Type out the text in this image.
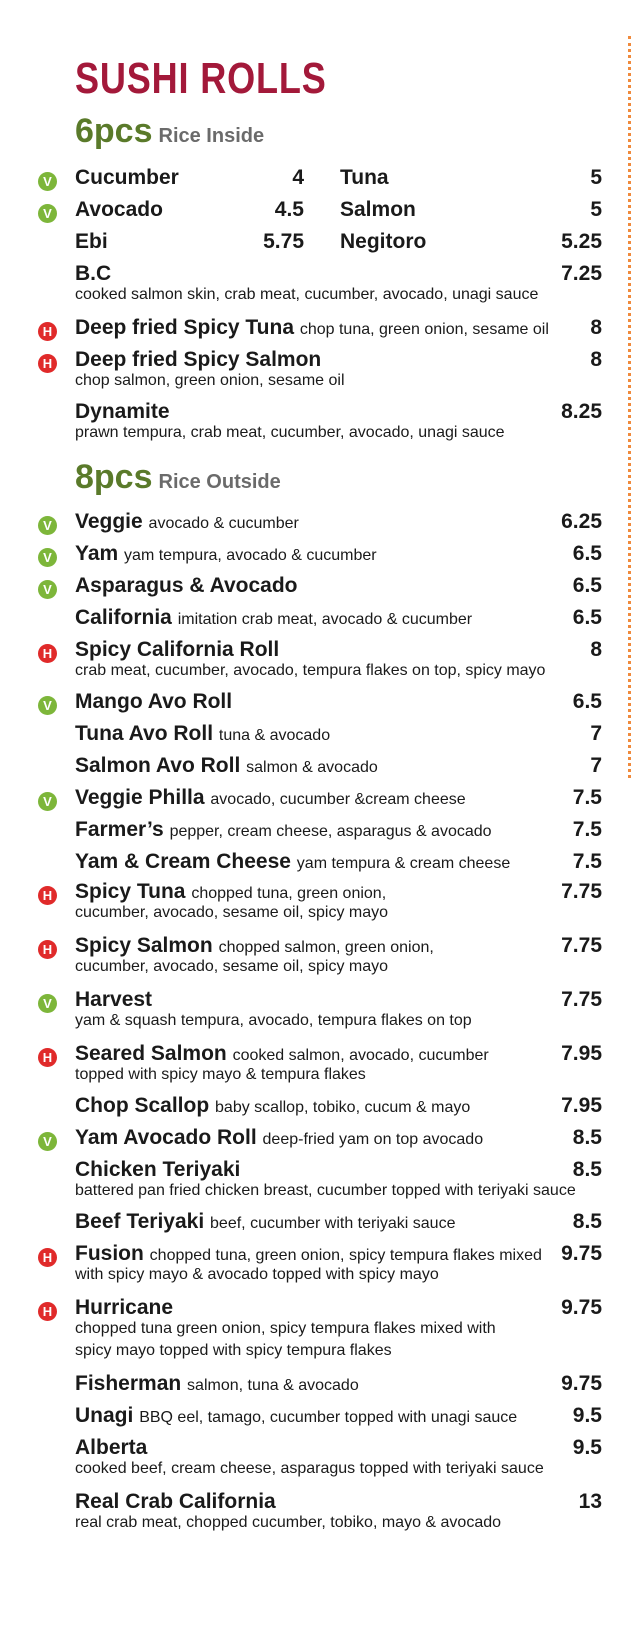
SUSHI ROLLS
6pcs Rice Inside
V Cucumber	4 Tuna	5
V Avocado	4.5 Salmon	5
Ebi	5.75 Negitoro	5.25
B.C	7.25
cooked salmon skin, crab meat, cucumber, avocado, unagi sauce
H Deep fried Spicy Tuna chop tuna, green onion, sesame oil 8
H Deep fried Spicy Salmon	8
chop salmon, green onion, sesame oil
Dynamite	8.25
prawn tempura, crab meat, cucumber, avocado, unagi sauce
8pcs Rice Outside
V Veggie avocado & cucumber	6.25
V Yam yam tempura, avocado & cucumber	6.5
V Asparagus & Avocado	6.5
California imitation crab meat, avocado & cucumber	6.5
H Spicy California Roll	8
crab meat, cucumber, avocado, tempura flakes on top, spicy mayo
V Mango Avo Roll	6.5
Tuna Avo Roll tuna & avocado	7
Salmon Avo Roll salmon & avocado	7
V Veggie Philla avocado, cucumber &cream cheese	7.5
Farmer’s pepper, cream cheese, asparagus & avocado	7.5
Yam & Cream Cheese yam tempura & cream cheese	7.5
H Spicy Tuna chopped tuna, green onion,	7.75
cucumber, avocado, sesame oil, spicy mayo
H Spicy Salmon chopped salmon, green onion,	7.75
cucumber, avocado, sesame oil, spicy mayo
V Harvest	7.75
yam & squash tempura, avocado, tempura flakes on top
H Seared Salmon cooked salmon, avocado, cucumber	7.95
topped with spicy mayo & tempura flakes
Chop Scallop baby scallop, tobiko, cucum & mayo	7.95
V Yam Avocado Roll deep-fried yam on top avocado	8.5
Chicken Teriyaki	8.5
battered pan fried chicken breast, cucumber topped with teriyaki sauce
Beef Teriyaki beef, cucumber with teriyaki sauce	8.5
H Fusion chopped tuna, green onion, spicy tempura flakes mixed 9.75
with spicy mayo & avocado topped with spicy mayo
H Hurricane	9.75
chopped tuna green onion, spicy tempura flakes mixed with
spicy mayo topped with spicy tempura flakes
Fisherman salmon, tuna & avocado	9.75
Unagi BBQ eel, tamago, cucumber topped with unagi sauce	9.5
Alberta	9.5
cooked beef, cream cheese, asparagus topped with teriyaki sauce
Real Crab California	13
real crab meat, chopped cucumber, tobiko, mayo & avocado
